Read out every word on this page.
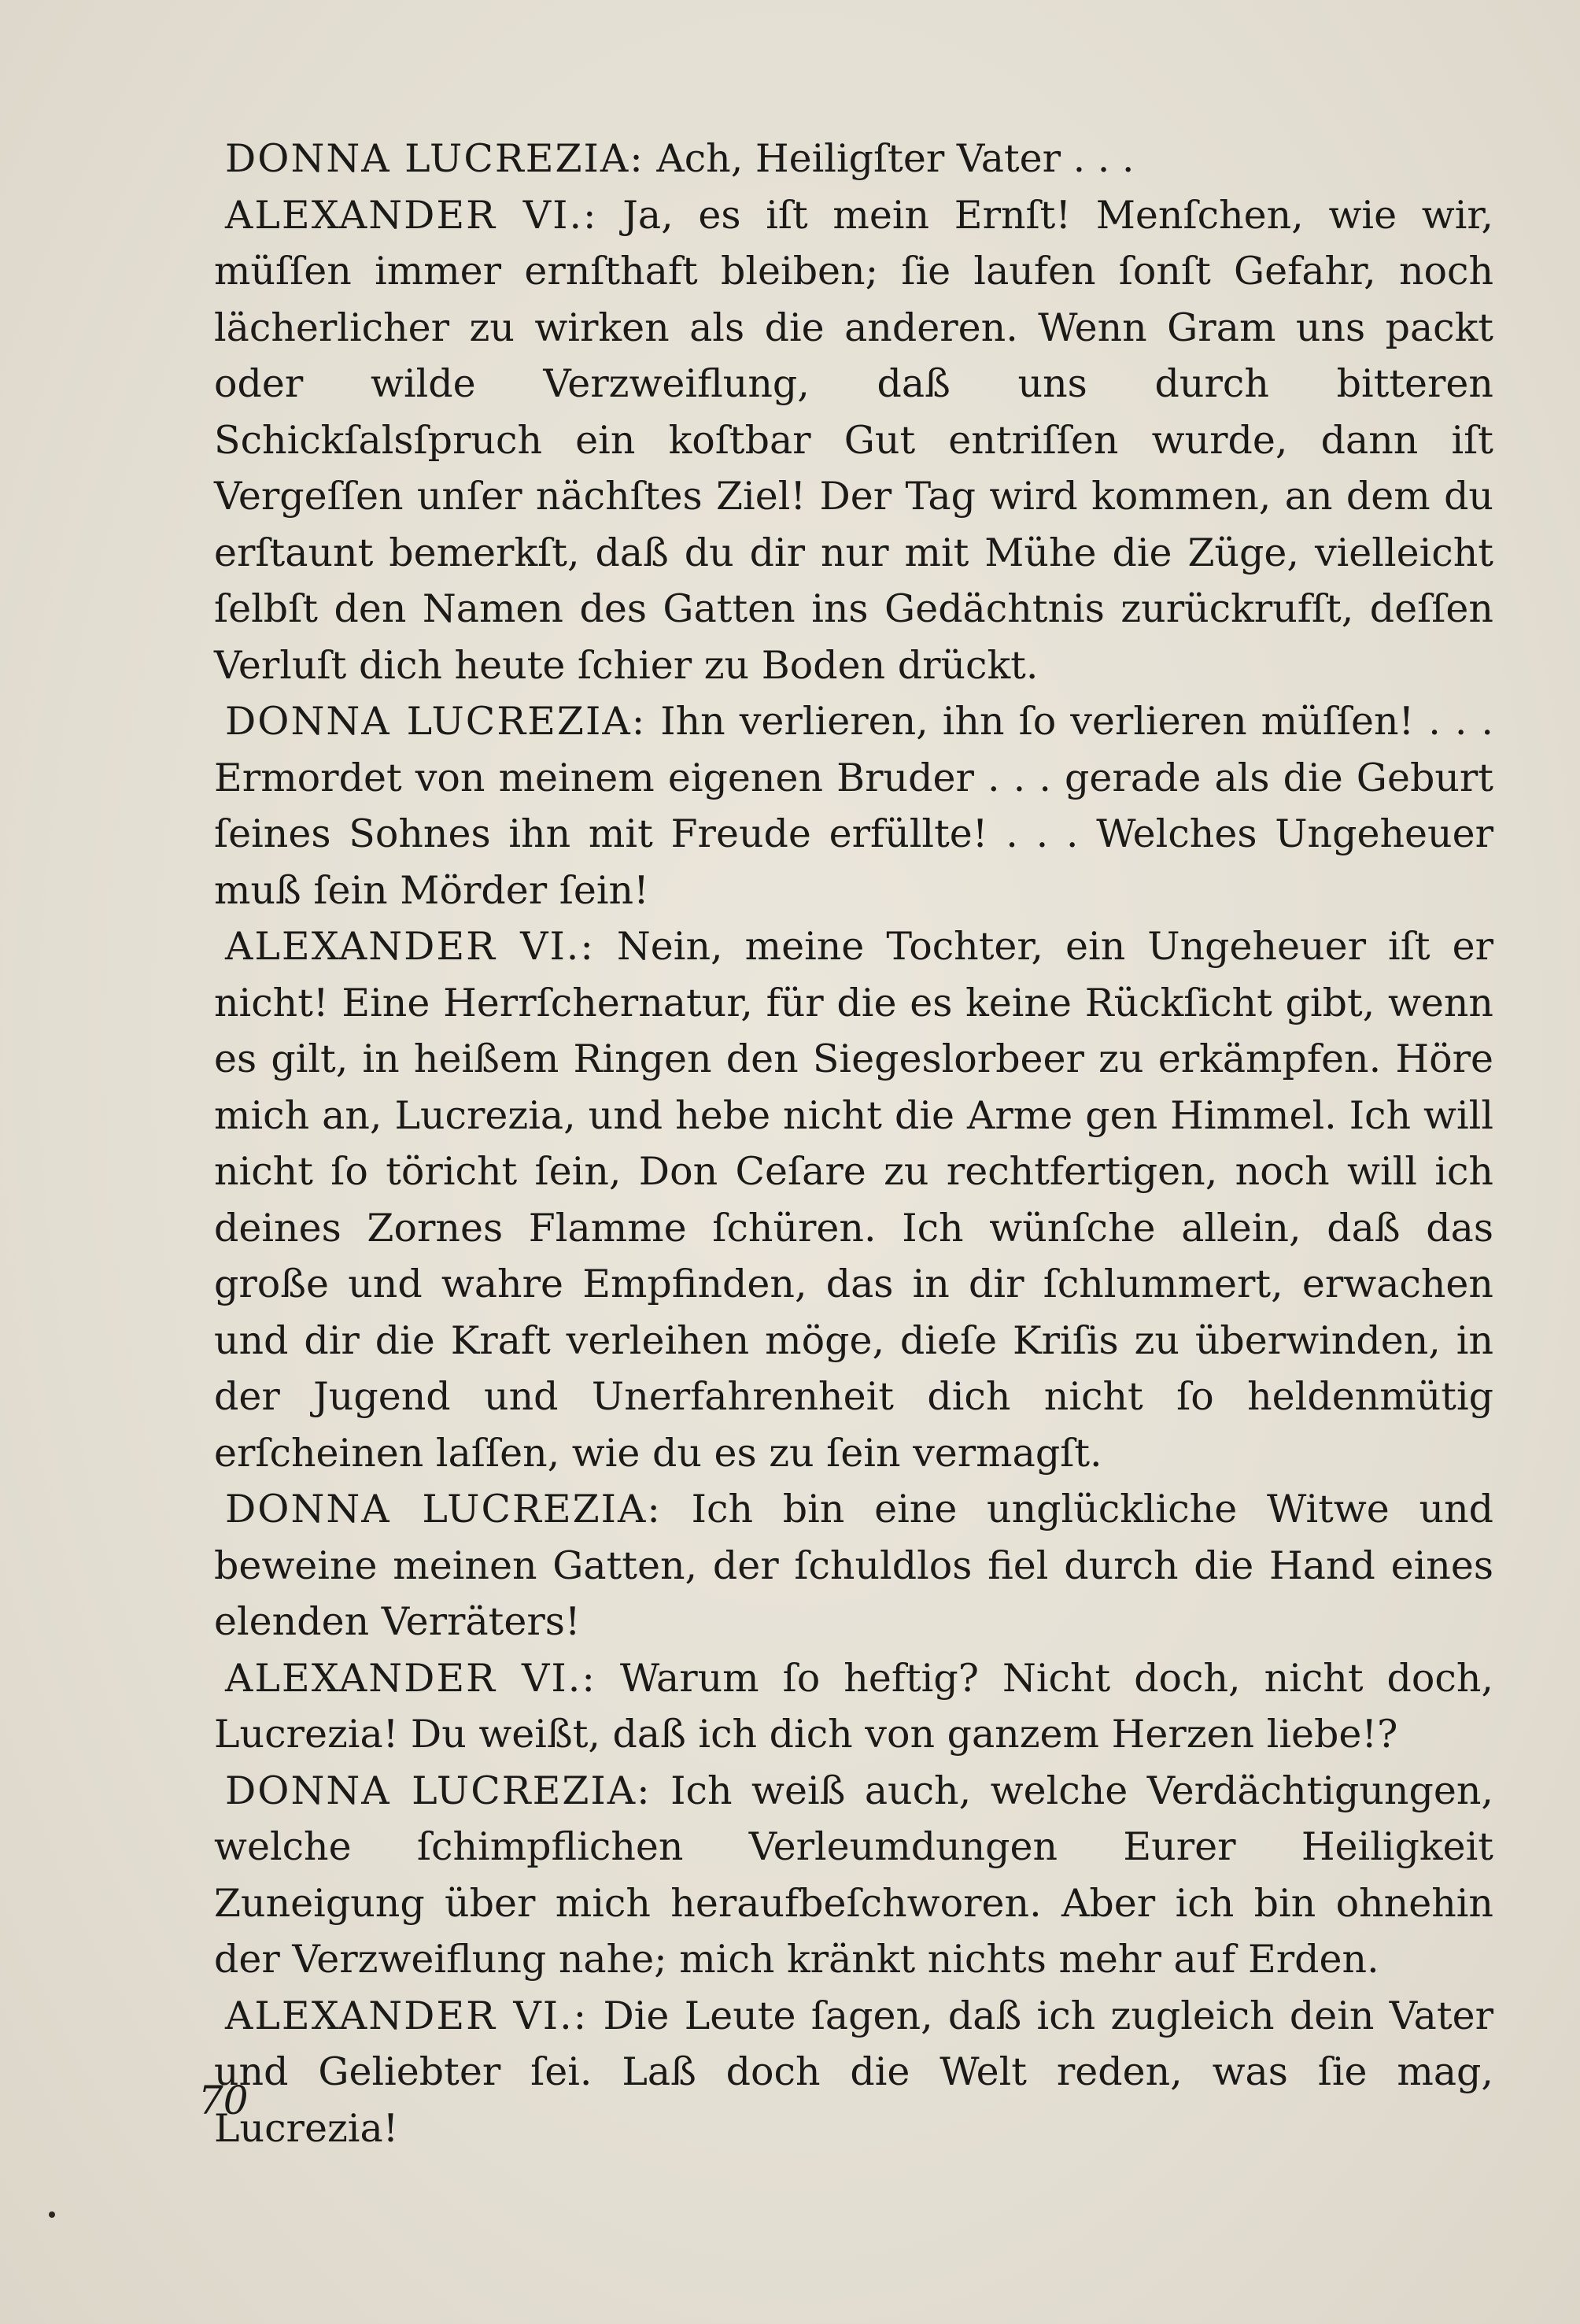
DONNA LUCREZIA: Ach, Heiligſter Vater . . .

ALEXANDER VI.: Ja, es iſt mein Ernſt! Menſchen, wie wir, müſſen immer ernſthaft bleiben; ſie laufen ſonſt Gefahr, noch lächerlicher zu wirken als die anderen. Wenn Gram uns packt oder wilde Verzweiflung, daß uns durch bitteren Schickſalsſpruch ein koſtbar Gut entriſſen wurde, dann iſt Vergeſſen unſer nächſtes Ziel! Der Tag wird kommen, an dem du erſtaunt bemerkſt, daß du dir nur mit Mühe die Züge, vielleicht ſelbſt den Namen des Gatten ins Gedächtnis zurückrufſt, deſſen Verluſt dich heute ſchier zu Boden drückt.

DONNA LUCREZIA: Ihn verlieren, ihn ſo verlieren müſſen! . . . Ermordet von meinem eigenen Bruder . . . gerade als die Geburt ſeines Sohnes ihn mit Freude erfüllte! . . . Welches Ungeheuer muß ſein Mörder ſein!

ALEXANDER VI.: Nein, meine Tochter, ein Ungeheuer iſt er nicht! Eine Herrſchernatur, für die es keine Rückſicht gibt, wenn es gilt, in heißem Ringen den Siegeslorbeer zu erkämpfen. Höre mich an, Lucrezia, und hebe nicht die Arme gen Himmel. Ich will nicht ſo töricht ſein, Don Ceſare zu rechtfertigen, noch will ich deines Zornes Flamme ſchüren. Ich wünſche allein, daß das große und wahre Empfinden, das in dir ſchlummert, erwachen und dir die Kraft verleihen möge, dieſe Kriſis zu überwinden, in der Jugend und Unerfahrenheit dich nicht ſo heldenmütig erſcheinen laſſen, wie du es zu ſein vermagſt.

DONNA LUCREZIA: Ich bin eine unglückliche Witwe und beweine meinen Gatten, der ſchuldlos fiel durch die Hand eines elenden Verräters!

ALEXANDER VI.: Warum ſo heftig? Nicht doch, nicht doch, Lucrezia! Du weißt, daß ich dich von ganzem Herzen liebe!?

DONNA LUCREZIA: Ich weiß auch, welche Verdächtigungen, welche ſchimpflichen Verleumdungen Eurer Heiligkeit Zuneigung über mich heraufbeſchworen. Aber ich bin ohnehin der Verzweiflung nahe; mich kränkt nichts mehr auf Erden.

ALEXANDER VI.: Die Leute ſagen, daß ich zugleich dein Vater und Geliebter ſei. Laß doch die Welt reden, was ſie mag, Lucrezia!

70
